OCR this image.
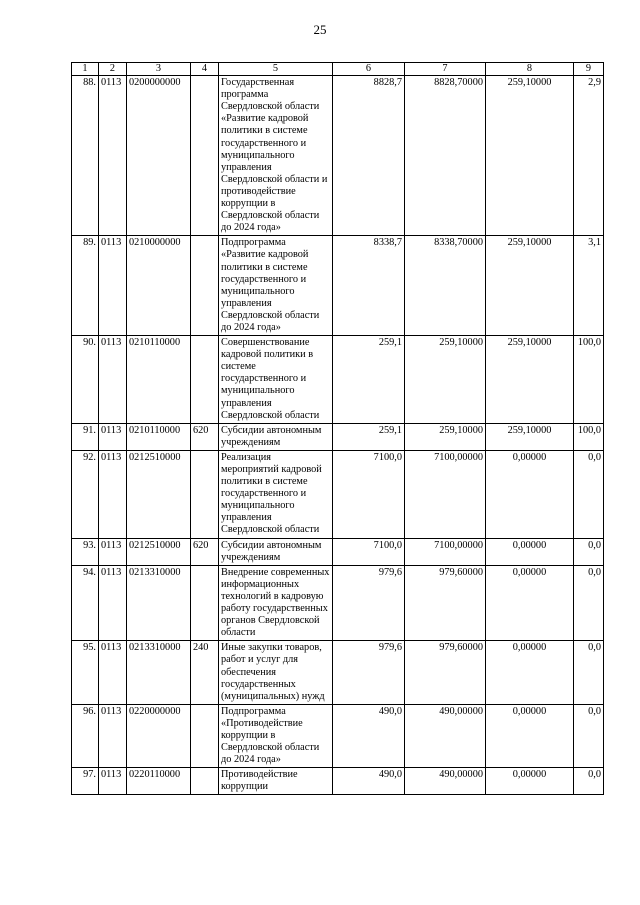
25
1	2	3	4	5	6	7	8	9
88.	0113	0200000000		Государственная программа Свердловской области «Развитие кадровой политики в системе государственного и муниципального управления Свердловской области и противодействие коррупции в Свердловской области до 2024 года»	8828,7	8828,70000	259,10000	2,9
89.	0113	0210000000		Подпрограмма «Развитие кадровой политики в системе государственного и муниципального управления Свердловской области до 2024 года»	8338,7	8338,70000	259,10000	3,1
90.	0113	0210110000		Совершенствование кадровой политики в системе государственного и муниципального управления Свердловской области	259,1	259,10000	259,10000	100,0
91.	0113	0210110000	620	Субсидии автономным учреждениям	259,1	259,10000	259,10000	100,0
92.	0113	0212510000		Реализация мероприятий кадровой политики в системе государственного и муниципального управления Свердловской области	7100,0	7100,00000	0,00000	0,0
93.	0113	0212510000	620	Субсидии автономным учреждениям	7100,0	7100,00000	0,00000	0,0
94.	0113	0213310000		Внедрение современных информационных технологий в кадровую работу государственных органов Свердловской области	979,6	979,60000	0,00000	0,0
95.	0113	0213310000	240	Иные закупки товаров, работ и услуг для обеспечения государственных (муниципальных) нужд	979,6	979,60000	0,00000	0,0
96.	0113	0220000000		Подпрограмма «Противодействие коррупции в Свердловской области до 2024 года»	490,0	490,00000	0,00000	0,0
97.	0113	0220110000		Противодействие коррупции	490,0	490,00000	0,00000	0,0
